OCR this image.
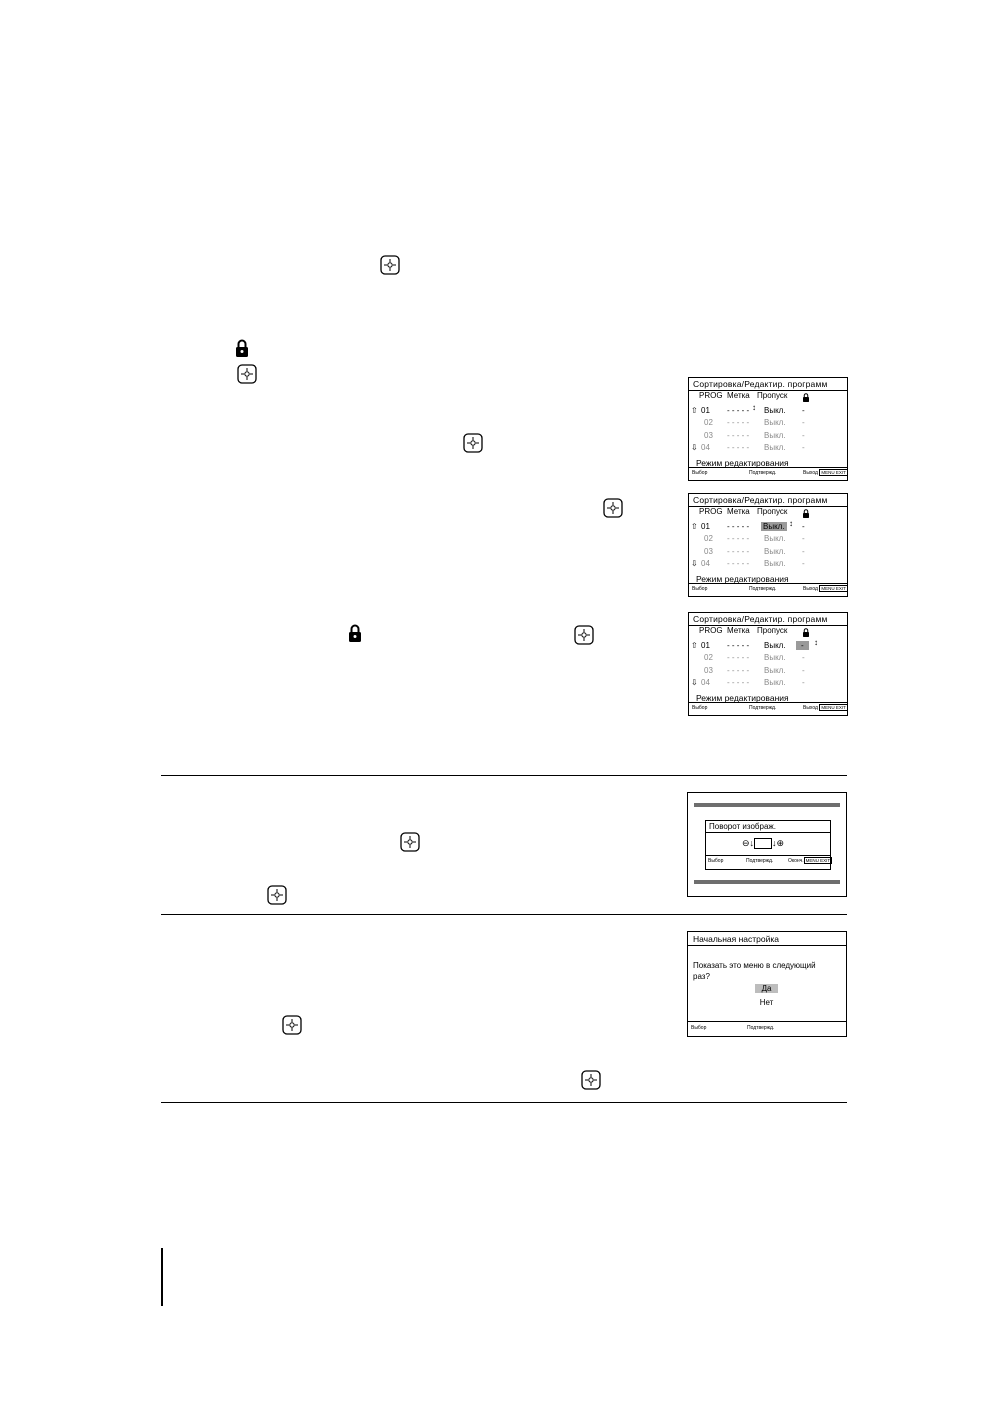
Сортировка/Редактир. программ
PROG Метка Пропуск
⇧ 01 - - - - - ↕ Выкл. -
02 - - - - - Выкл. -
03 - - - - - Выкл. -
⇩ 04 - - - - - Выкл. -
Режим редактирования
Выбор	Подтвержд.	Выход MENU EXIT
Сортировка/Редактир. программ
PROG Метка Пропуск
⇧ 01 - - - - - Выкл. ↕ -
02 - - - - - Выкл. -
03 - - - - - Выкл. -
⇩ 04 - - - - - Выкл. -
Режим редактирования
Выбор	Подтвержд.	Выход MENU EXIT
Сортировка/Редактир. программ
PROG Метка Пропуск
⇧ 01 - - - - - Выкл.	-	↕
02 - - - - - Выкл. -
03 - - - - - Выкл. -
⇩ 04 - - - - - Выкл. -
Режим редактирования
Выбор	Подтвержд.	Выход MENU EXIT
Поворот изображ.
⊖↓ ↓⊕
Выбор	Подтвержд.	Оконч. MENU EXIT
Начальная настройка
Показать это меню в следующий
раз?
Да
Нет
Выбор	Подтвержд.
